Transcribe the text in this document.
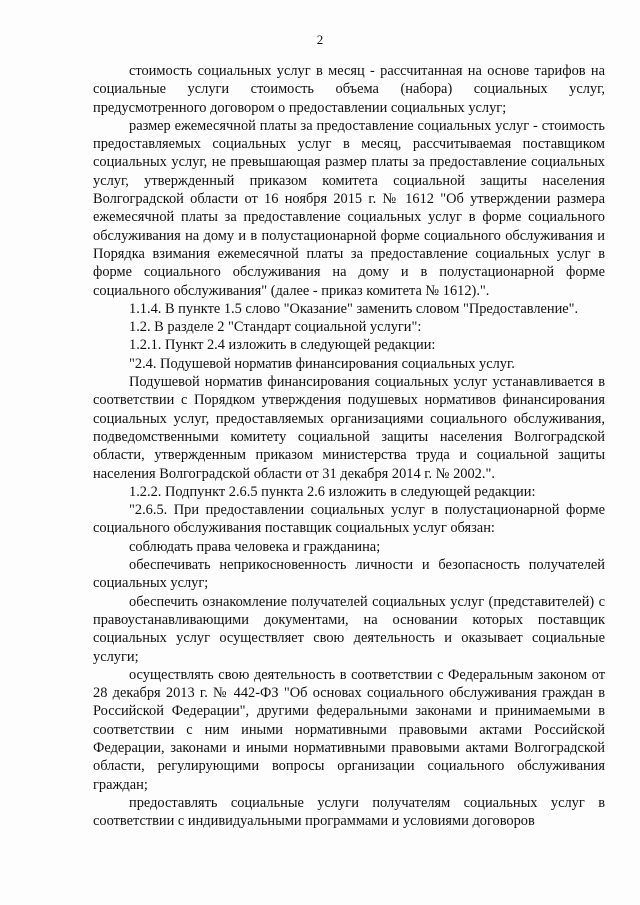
2

стоимость социальных услуг в месяц - рассчитанная на основе тарифов на социальные услуги стоимость объема (набора) социальных услуг, предусмотренного договором о предоставлении социальных услуг;

размер ежемесячной платы за предоставление социальных услуг - стоимость предоставляемых социальных услуг в месяц, рассчитываемая поставщиком социальных услуг, не превышающая размер платы за предоставление социальных услуг, утвержденный приказом комитета социальной защиты населения Волгоградской области от 16 ноября 2015 г. № 1612 "Об утверждении размера ежемесячной платы за предоставление социальных услуг в форме социального обслуживания на дому и в полустационарной форме социального обслуживания и Порядка взимания ежемесячной платы за предоставление социальных услуг в форме социального обслуживания на дому и в полустационарной форме социального обслуживания" (далее - приказ комитета № 1612).".

1.1.4. В пункте 1.5 слово "Оказание" заменить словом "Предоставление".

1.2. В разделе 2 "Стандарт социальной услуги":

1.2.1. Пункт 2.4 изложить в следующей редакции:

"2.4. Подушевой норматив финансирования социальных услуг.

Подушевой норматив финансирования социальных услуг устанавливается в соответствии с Порядком утверждения подушевых нормативов финансирования социальных услуг, предоставляемых организациями социального обслуживания, подведомственными комитету социальной защиты населения Волгоградской области, утвержденным приказом министерства труда и социальной защиты населения Волгоградской области от 31 декабря 2014 г. № 2002.".

1.2.2. Подпункт 2.6.5 пункта 2.6 изложить в следующей редакции:

"2.6.5. При предоставлении социальных услуг в полустационарной форме социального обслуживания поставщик социальных услуг обязан:

соблюдать права человека и гражданина;

обеспечивать неприкосновенность личности и безопасность получателей социальных услуг;

обеспечить ознакомление получателей социальных услуг (представителей) с правоустанавливающими документами, на основании которых поставщик социальных услуг осуществляет свою деятельность и оказывает социальные услуги;

осуществлять свою деятельность в соответствии с Федеральным законом от 28 декабря 2013 г. № 442-ФЗ "Об основах социального обслуживания граждан в Российской Федерации", другими федеральными законами и принимаемыми в соответствии с ним иными нормативными правовыми актами Российской Федерации, законами и иными нормативными правовыми актами Волгоградской области, регулирующими вопросы организации социального обслуживания граждан;

предоставлять социальные услуги получателям социальных услуг в соответствии с индивидуальными программами и условиями договоров
